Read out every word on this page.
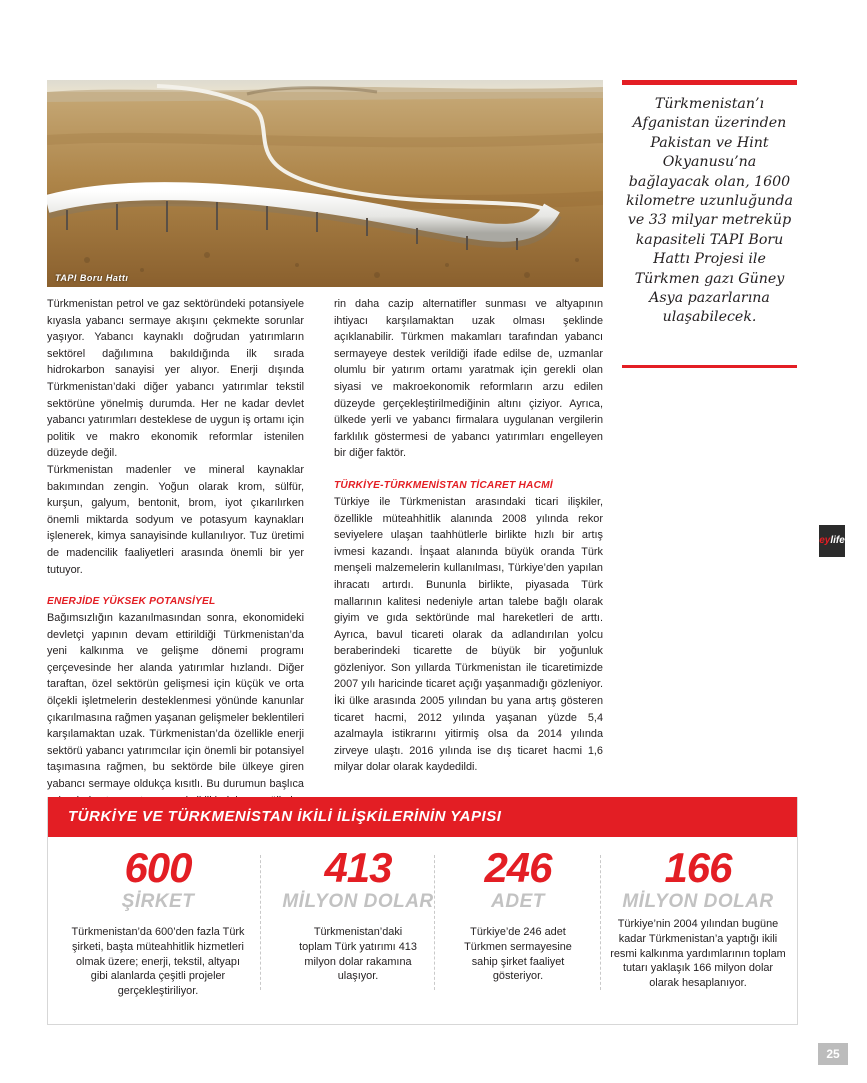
TAPI Boru Hattı

Türkmenistan’ı Afganistan üzerinden Pakistan ve Hint Okyanusu’na bağlayacak olan, 1600 kilometre uzunluğunda ve 33 milyar metreküp kapasiteli TAPI Boru Hattı Projesi ile Türkmen gazı Güney Asya pazarlarına ulaşabilecek.

Türkmenistan petrol ve gaz sektöründeki potansiyele kıyasla yabancı sermaye akışını çekmekte sorunlar yaşıyor. Yabancı kaynaklı doğrudan yatırımların sektörel dağılımına bakıldığında ilk sırada hidrokarbon sanayisi yer alıyor. Enerji dışında Türkmenistan’daki diğer yabancı yatırımlar tekstil sektörüne yönelmiş durumda. Her ne kadar devlet yabancı yatırımları desteklese de uygun iş ortamı için politik ve makro ekonomik reformlar istenilen düzeyde değil.

Türkmenistan madenler ve mineral kaynaklar bakımından zengin. Yoğun olarak krom, sülfür, kurşun, galyum, bentonit, brom, iyot çıkarılırken önemli miktarda sodyum ve potasyum kaynakları işlenerek, kimya sanayisinde kullanılıyor. Tuz üretimi de madencilik faaliyetleri arasında önemli bir yer tutuyor.

ENERJİDE YÜKSEK POTANSİYEL

Bağımsızlığın kazanılmasından sonra, ekonomideki devletçi yapının devam ettirildiği Türkmenistan’da yeni kalkınma ve gelişme dönemi programı çerçevesinde her alanda yatırımlar hızlandı. Diğer taraftan, özel sektörün gelişmesi için küçük ve orta ölçekli işletmelerin desteklenmesi yönünde kanunlar çıkarılmasına rağmen yaşanan gelişmeler beklentileri karşılamaktan uzak. Türkmenistan’da özellikle enerji sektörü yabancı yatırımcılar için önemli bir potansiyel taşımasına rağmen, bu sektörde bile ülkeye giren yabancı sermaye oldukça kısıtlı. Bu durumun başlıca

rin daha cazip alternatifler sunması ve altyapının ihtiyacı karşılamaktan uzak olması şeklinde açıklanabilir. Türkmen makamları tarafından yabancı sermayeye destek verildiği ifade edilse de, uzmanlar olumlu bir yatırım ortamı yaratmak için gerekli olan siyasi ve makroekonomik reformların arzu edilen düzeyde gerçekleştirilmediğinin altını çiziyor. Ayrıca, ülkede yerli ve yabancı firmalara uygulanan vergilerin farklılık göstermesi de yabancı yatırımları engelleyen bir diğer faktör.

TÜRKİYE-TÜRKMENİSTAN TİCARET HACMİ

Türkiye ile Türkmenistan arasındaki ticari ilişkiler, özellikle müteahhitlik alanında 2008 yılında rekor seviyelere ulaşan taahhütlerle birlikte hızlı bir artış ivmesi kazandı. İnşaat alanında büyük oranda Türk menşeli malzemelerin kullanılması, Türkiye’den yapılan ihracatı artırdı. Bununla birlikte, piyasada Türk mallarının kalitesi nedeniyle artan talebe bağlı olarak giyim ve gıda sektöründe mal hareketleri de arttı. Ayrıca, bavul ticareti olarak da adlandırılan yolcu beraberindeki ticarette de büyük bir yoğunluk gözleniyor. Son yıllarda Türkmenistan ile ticaretimizde 2007 yılı haricinde ticaret açığı yaşanmadığı gözleniyor. İki ülke arasında 2005 yılından bu yana artış gösteren ticaret hacmi, 2012 yılında yaşanan yüzde 5,4 azalmayla istikrarını yitirmiş olsa da 2014 yılında zirveye ulaştı. 2016 yılında ise dış ticaret hacmi 1,6 milyar dolar olarak kaydedildi.

eylife
TÜRKİYE VE TÜRKMENİSTAN İKİLİ İLİŞKİLERİNİN YAPISI
600
ŞİRKET
Türkmenistan’da 600’den fazla Türk şirketi, başta müteahhitlik hizmetleri olmak üzere; enerji, tekstil, altyapı gibi alanlarda çeşitli projeler gerçekleştiriliyor.
413
MİLYON DOLAR
Türkmenistan’daki toplam Türk yatırımı 413 milyon dolar rakamına ulaşıyor.
246
ADET
Türkiye’de 246 adet Türkmen sermayesine sahip şirket faaliyet gösteriyor.
166
MİLYON DOLAR
Türkiye’nin 2004 yılından bugüne kadar Türkmenistan’a yaptığı ikili resmi kalkınma yardımlarının toplam tutarı yaklaşık 166 milyon dolar olarak hesaplanıyor.
25
